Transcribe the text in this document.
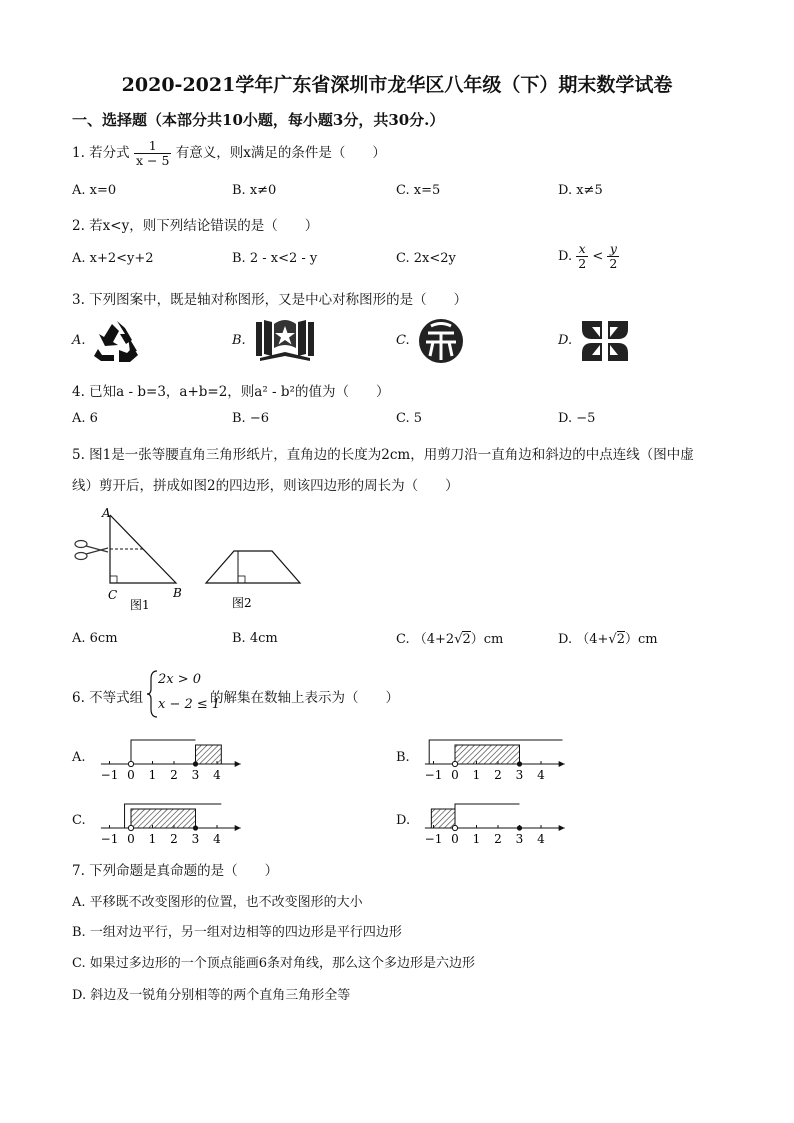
2020-2021学年广东省深圳市龙华区八年级（下）期末数学试卷
一、选择题（本部分共10小题，每小题3分，共30分.）
1. 若分式 $\frac{1}{x - 5}$ 有意义，则x满足的条件是（　　）
A. x=0	B. x≠0	C. x=5	D. x≠5
2. 若x<y，则下列结论错误的是（　　）
A. x+2<y+2	B. 2 - x<2 - y	C. 2x<2y	D. $\frac{x}{2} < \frac{y}{2}$
3. 下列图案中，既是轴对称图形，又是中心对称图形的是（　　）
A.	B.	C.	D.
4. 已知a - b=3，a+b=2，则a² - b²的值为（　　）
A. 6	B. −6	C. 5	D. −5
5. 图1是一张等腰直角三角形纸片，直角边的长度为2cm，用剪刀沿一直角边和斜边的中点连线（图中虚
线）剪开后，拼成如图2的四边形，则该四边形的周长为（　　）
A
C	B
图1	图2
A. 6cm	B. 4cm	C. （4+2√2）cm	D. （4+√2）cm
6. 不等式组
2x > 0
x − 2 ≤ 1
的解集在数轴上表示为（　　）
A.	B.
C.	D.
−1 0 1 2 3 4	−1 0 1 2 3 4
−1 0 1 2 3 4	−1 0 1 2 3 4
7. 下列命题是真命题的是（　　）
A. 平移既不改变图形的位置，也不改变图形的大小
B. 一组对边平行，另一组对边相等的四边形是平行四边形
C. 如果过多边形的一个顶点能画6条对角线，那么这个多边形是六边形
D. 斜边及一锐角分别相等的两个直角三角形全等
